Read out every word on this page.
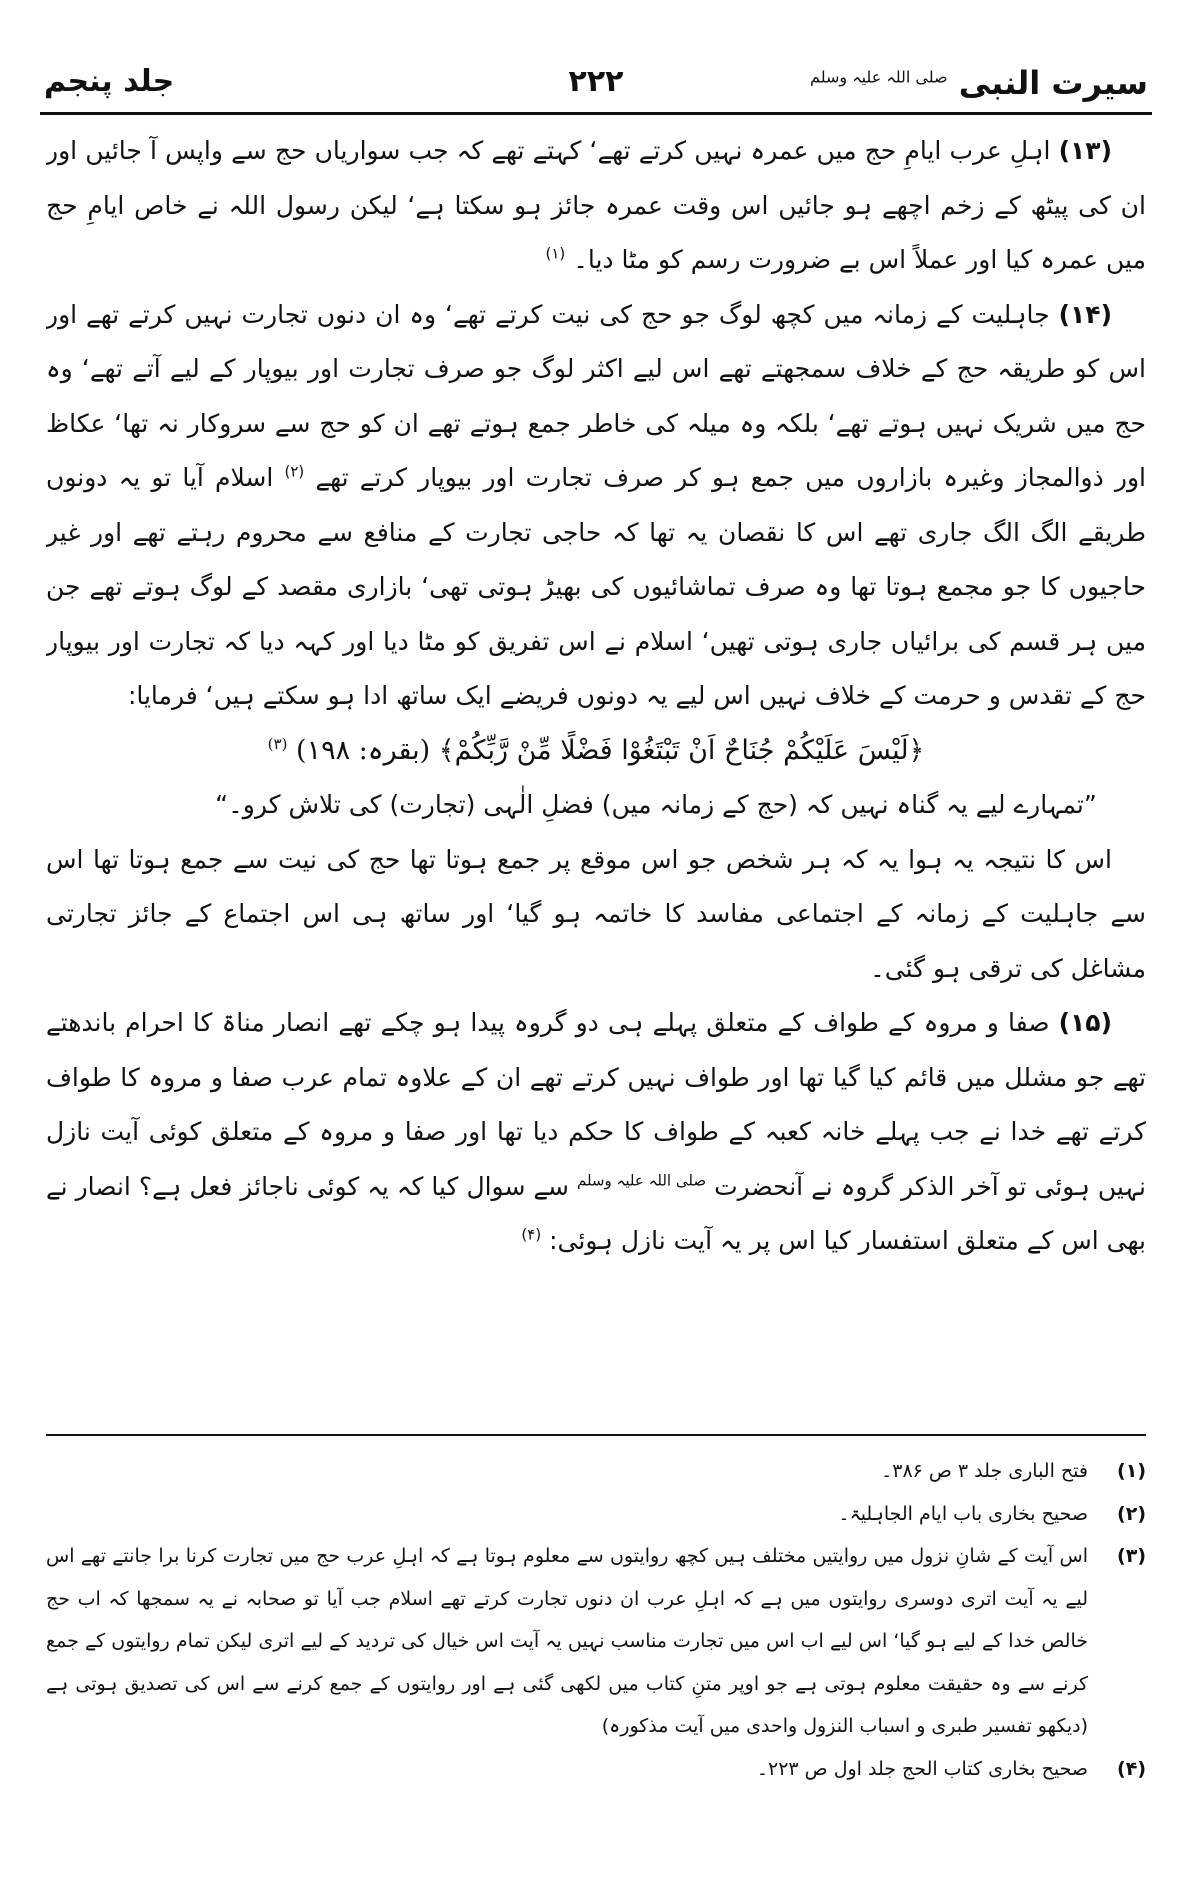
سیرت النبی $^{صلی اللہ علیہ وسلم}$
۲۲۲
جلد پنجم

(۱۳) اہلِ عرب ایامِ حج میں عمرہ نہیں کرتے تھے‘ کہتے تھے کہ جب سواریاں حج سے واپس آ جائیں اور ان کی پیٹھ کے زخم اچھے ہو جائیں اس وقت عمرہ جائز ہو سکتا ہے‘ لیکن رسول اللہ نے خاص ایامِ حج میں عمرہ کیا اور عملاً اس بے ضرورت رسم کو مٹا دیا۔ $^{(۱)}$

(۱۴) جاہلیت کے زمانہ میں کچھ لوگ جو حج کی نیت کرتے تھے‘ وہ ان دنوں تجارت نہیں کرتے تھے اور اس کو طریقہ حج کے خلاف سمجھتے تھے اس لیے اکثر لوگ جو صرف تجارت اور بیوپار کے لیے آتے تھے‘ وہ حج میں شریک نہیں ہوتے تھے‘ بلکہ وہ میلہ کی خاطر جمع ہوتے تھے ان کو حج سے سروکار نہ تھا‘ عکاظ اور ذوالمجاز وغیرہ بازاروں میں جمع ہو کر صرف تجارت اور بیوپار کرتے تھے $^{(۲)}$ اسلام آیا تو یہ دونوں طریقے الگ الگ جاری تھے اس کا نقصان یہ تھا کہ حاجی تجارت کے منافع سے محروم رہتے تھے اور غیر حاجیوں کا جو مجمع ہوتا تھا وہ صرف تماشائیوں کی بھیڑ ہوتی تھی‘ بازاری مقصد کے لوگ ہوتے تھے جن میں ہر قسم کی برائیاں جاری ہوتی تھیں‘ اسلام نے اس تفریق کو مٹا دیا اور کہہ دیا کہ تجارت اور بیوپار حج کے تقدس و حرمت کے خلاف نہیں اس لیے یہ دونوں فریضے ایک ساتھ ادا ہو سکتے ہیں‘ فرمایا:

﴿لَیْسَ عَلَیْکُمْ جُنَاحٌ اَنْ تَبْتَغُوْا فَضْلًا مِّنْ رَّبِّکُمْ﴾ (بقرہ: ۱۹۸) $^{(۳)}$

”تمہارے لیے یہ گناہ نہیں کہ (حج کے زمانہ میں) فضلِ الٰہی (تجارت) کی تلاش کرو۔“

اس کا نتیجہ یہ ہوا یہ کہ ہر شخص جو اس موقع پر جمع ہوتا تھا حج کی نیت سے جمع ہوتا تھا اس سے جاہلیت کے زمانہ کے اجتماعی مفاسد کا خاتمہ ہو گیا‘ اور ساتھ ہی اس اجتماع کے جائز تجارتی مشاغل کی ترقی ہو گئی۔

(۱۵) صفا و مروہ کے طواف کے متعلق پہلے ہی دو گروہ پیدا ہو چکے تھے انصار مناۃ کا احرام باندھتے تھے جو مشلل میں قائم کیا گیا تھا اور طواف نہیں کرتے تھے ان کے علاوہ تمام عرب صفا و مروہ کا طواف کرتے تھے خدا نے جب پہلے خانہ کعبہ کے طواف کا حکم دیا تھا اور صفا و مروہ کے متعلق کوئی آیت نازل نہیں ہوئی تو آخر الذکر گروہ نے آنحضرت $^{صلی اللہ علیہ وسلم}$ سے سوال کیا کہ یہ کوئی ناجائز فعل ہے؟ انصار نے بھی اس کے متعلق استفسار کیا اس پر یہ آیت نازل ہوئی: $^{(۴)}$

(۱)
فتح الباری جلد ۳ ص ۳۸۶۔
(۲)
صحیح بخاری باب ایام الجاہلیۃ۔
(۳)
اس آیت کے شانِ نزول میں روایتیں مختلف ہیں کچھ روایتوں سے معلوم ہوتا ہے کہ اہلِ عرب حج میں تجارت کرنا برا جانتے تھے اس لیے یہ آیت اتری دوسری روایتوں میں ہے کہ اہلِ عرب ان دنوں تجارت کرتے تھے اسلام جب آیا تو صحابہ نے یہ سمجھا کہ اب حج خالص خدا کے لیے ہو گیا‘ اس لیے اب اس میں تجارت مناسب نہیں یہ آیت اس خیال کی تردید کے لیے اتری لیکن تمام روایتوں کے جمع کرنے سے وہ حقیقت معلوم ہوتی ہے جو اوپر متنِ کتاب میں لکھی گئی ہے اور روایتوں کے جمع کرنے سے اس کی تصدیق ہوتی ہے (دیکھو تفسیر طبری و اسباب النزول واحدی میں آیت مذکورہ)
(۴)
صحیح بخاری کتاب الحج جلد اول ص ۲۲۳۔
